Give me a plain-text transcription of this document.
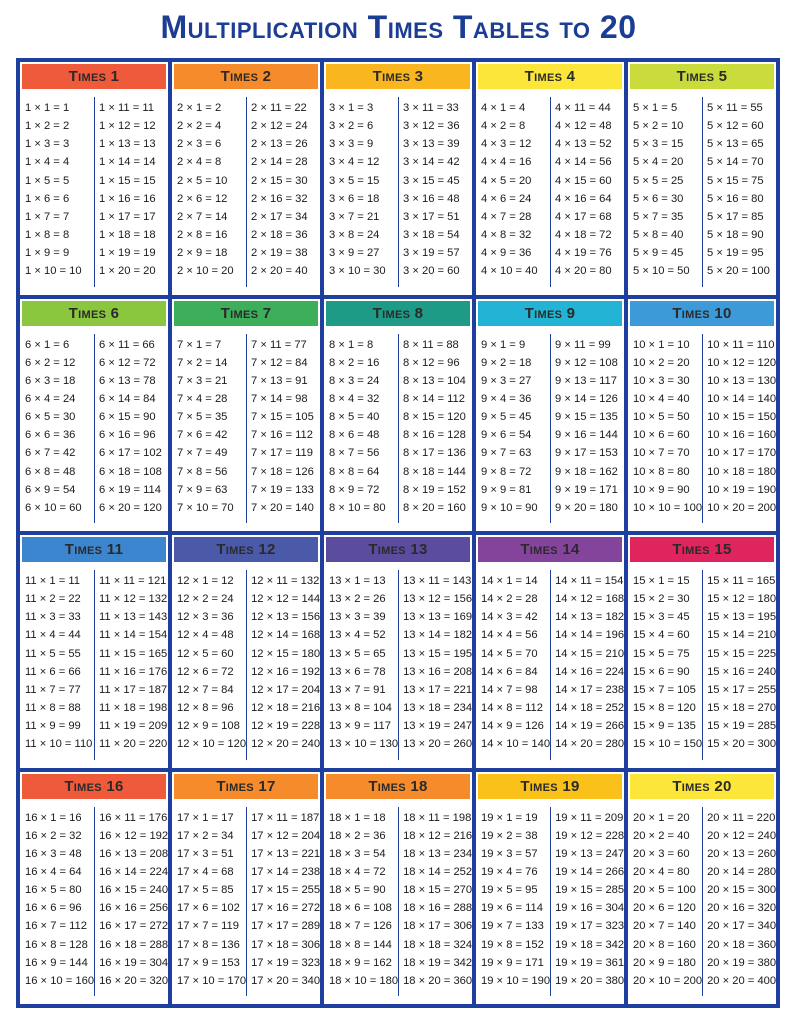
Multiplication Times Tables to 20
Times 1
1 × 1 = 1
1 × 2 = 2
1 × 3 = 3
1 × 4 = 4
1 × 5 = 5
1 × 6 = 6
1 × 7 = 7
1 × 8 = 8
1 × 9 = 9
1 × 10 = 10
1 × 11 = 11
1 × 12 = 12
1 × 13 = 13
1 × 14 = 14
1 × 15 = 15
1 × 16 = 16
1 × 17 = 17
1 × 18 = 18
1 × 19 = 19
1 × 20 = 20
Times 2
2 × 1 = 2
2 × 2 = 4
2 × 3 = 6
2 × 4 = 8
2 × 5 = 10
2 × 6 = 12
2 × 7 = 14
2 × 8 = 16
2 × 9 = 18
2 × 10 = 20
2 × 11 = 22
2 × 12 = 24
2 × 13 = 26
2 × 14 = 28
2 × 15 = 30
2 × 16 = 32
2 × 17 = 34
2 × 18 = 36
2 × 19 = 38
2 × 20 = 40
Times 3
3 × 1 = 3
3 × 2 = 6
3 × 3 = 9
3 × 4 = 12
3 × 5 = 15
3 × 6 = 18
3 × 7 = 21
3 × 8 = 24
3 × 9 = 27
3 × 10 = 30
3 × 11 = 33
3 × 12 = 36
3 × 13 = 39
3 × 14 = 42
3 × 15 = 45
3 × 16 = 48
3 × 17 = 51
3 × 18 = 54
3 × 19 = 57
3 × 20 = 60
Times 4
4 × 1 = 4
4 × 2 = 8
4 × 3 = 12
4 × 4 = 16
4 × 5 = 20
4 × 6 = 24
4 × 7 = 28
4 × 8 = 32
4 × 9 = 36
4 × 10 = 40
4 × 11 = 44
4 × 12 = 48
4 × 13 = 52
4 × 14 = 56
4 × 15 = 60
4 × 16 = 64
4 × 17 = 68
4 × 18 = 72
4 × 19 = 76
4 × 20 = 80
Times 5
5 × 1 = 5
5 × 2 = 10
5 × 3 = 15
5 × 4 = 20
5 × 5 = 25
5 × 6 = 30
5 × 7 = 35
5 × 8 = 40
5 × 9 = 45
5 × 10 = 50
5 × 11 = 55
5 × 12 = 60
5 × 13 = 65
5 × 14 = 70
5 × 15 = 75
5 × 16 = 80
5 × 17 = 85
5 × 18 = 90
5 × 19 = 95
5 × 20 = 100
Times 6
6 × 1 = 6
6 × 2 = 12
6 × 3 = 18
6 × 4 = 24
6 × 5 = 30
6 × 6 = 36
6 × 7 = 42
6 × 8 = 48
6 × 9 = 54
6 × 10 = 60
6 × 11 = 66
6 × 12 = 72
6 × 13 = 78
6 × 14 = 84
6 × 15 = 90
6 × 16 = 96
6 × 17 = 102
6 × 18 = 108
6 × 19 = 114
6 × 20 = 120
Times 7
7 × 1 = 7
7 × 2 = 14
7 × 3 = 21
7 × 4 = 28
7 × 5 = 35
7 × 6 = 42
7 × 7 = 49
7 × 8 = 56
7 × 9 = 63
7 × 10 = 70
7 × 11 = 77
7 × 12 = 84
7 × 13 = 91
7 × 14 = 98
7 × 15 = 105
7 × 16 = 112
7 × 17 = 119
7 × 18 = 126
7 × 19 = 133
7 × 20 = 140
Times 8
8 × 1 = 8
8 × 2 = 16
8 × 3 = 24
8 × 4 = 32
8 × 5 = 40
8 × 6 = 48
8 × 7 = 56
8 × 8 = 64
8 × 9 = 72
8 × 10 = 80
8 × 11 = 88
8 × 12 = 96
8 × 13 = 104
8 × 14 = 112
8 × 15 = 120
8 × 16 = 128
8 × 17 = 136
8 × 18 = 144
8 × 19 = 152
8 × 20 = 160
Times 9
9 × 1 = 9
9 × 2 = 18
9 × 3 = 27
9 × 4 = 36
9 × 5 = 45
9 × 6 = 54
9 × 7 = 63
9 × 8 = 72
9 × 9 = 81
9 × 10 = 90
9 × 11 = 99
9 × 12 = 108
9 × 13 = 117
9 × 14 = 126
9 × 15 = 135
9 × 16 = 144
9 × 17 = 153
9 × 18 = 162
9 × 19 = 171
9 × 20 = 180
Times 10
10 × 1 = 10
10 × 2 = 20
10 × 3 = 30
10 × 4 = 40
10 × 5 = 50
10 × 6 = 60
10 × 7 = 70
10 × 8 = 80
10 × 9 = 90
10 × 10 = 100
10 × 11 = 110
10 × 12 = 120
10 × 13 = 130
10 × 14 = 140
10 × 15 = 150
10 × 16 = 160
10 × 17 = 170
10 × 18 = 180
10 × 19 = 190
10 × 20 = 200
Times 11
11 × 1 = 11
11 × 2 = 22
11 × 3 = 33
11 × 4 = 44
11 × 5 = 55
11 × 6 = 66
11 × 7 = 77
11 × 8 = 88
11 × 9 = 99
11 × 10 = 110
11 × 11 = 121
11 × 12 = 132
11 × 13 = 143
11 × 14 = 154
11 × 15 = 165
11 × 16 = 176
11 × 17 = 187
11 × 18 = 198
11 × 19 = 209
11 × 20 = 220
Times 12
12 × 1 = 12
12 × 2 = 24
12 × 3 = 36
12 × 4 = 48
12 × 5 = 60
12 × 6 = 72
12 × 7 = 84
12 × 8 = 96
12 × 9 = 108
12 × 10 = 120
12 × 11 = 132
12 × 12 = 144
12 × 13 = 156
12 × 14 = 168
12 × 15 = 180
12 × 16 = 192
12 × 17 = 204
12 × 18 = 216
12 × 19 = 228
12 × 20 = 240
Times 13
13 × 1 = 13
13 × 2 = 26
13 × 3 = 39
13 × 4 = 52
13 × 5 = 65
13 × 6 = 78
13 × 7 = 91
13 × 8 = 104
13 × 9 = 117
13 × 10 = 130
13 × 11 = 143
13 × 12 = 156
13 × 13 = 169
13 × 14 = 182
13 × 15 = 195
13 × 16 = 208
13 × 17 = 221
13 × 18 = 234
13 × 19 = 247
13 × 20 = 260
Times 14
14 × 1 = 14
14 × 2 = 28
14 × 3 = 42
14 × 4 = 56
14 × 5 = 70
14 × 6 = 84
14 × 7 = 98
14 × 8 = 112
14 × 9 = 126
14 × 10 = 140
14 × 11 = 154
14 × 12 = 168
14 × 13 = 182
14 × 14 = 196
14 × 15 = 210
14 × 16 = 224
14 × 17 = 238
14 × 18 = 252
14 × 19 = 266
14 × 20 = 280
Times 15
15 × 1 = 15
15 × 2 = 30
15 × 3 = 45
15 × 4 = 60
15 × 5 = 75
15 × 6 = 90
15 × 7 = 105
15 × 8 = 120
15 × 9 = 135
15 × 10 = 150
15 × 11 = 165
15 × 12 = 180
15 × 13 = 195
15 × 14 = 210
15 × 15 = 225
15 × 16 = 240
15 × 17 = 255
15 × 18 = 270
15 × 19 = 285
15 × 20 = 300
Times 16
16 × 1 = 16
16 × 2 = 32
16 × 3 = 48
16 × 4 = 64
16 × 5 = 80
16 × 6 = 96
16 × 7 = 112
16 × 8 = 128
16 × 9 = 144
16 × 10 = 160
16 × 11 = 176
16 × 12 = 192
16 × 13 = 208
16 × 14 = 224
16 × 15 = 240
16 × 16 = 256
16 × 17 = 272
16 × 18 = 288
16 × 19 = 304
16 × 20 = 320
Times 17
17 × 1 = 17
17 × 2 = 34
17 × 3 = 51
17 × 4 = 68
17 × 5 = 85
17 × 6 = 102
17 × 7 = 119
17 × 8 = 136
17 × 9 = 153
17 × 10 = 170
17 × 11 = 187
17 × 12 = 204
17 × 13 = 221
17 × 14 = 238
17 × 15 = 255
17 × 16 = 272
17 × 17 = 289
17 × 18 = 306
17 × 19 = 323
17 × 20 = 340
Times 18
18 × 1 = 18
18 × 2 = 36
18 × 3 = 54
18 × 4 = 72
18 × 5 = 90
18 × 6 = 108
18 × 7 = 126
18 × 8 = 144
18 × 9 = 162
18 × 10 = 180
18 × 11 = 198
18 × 12 = 216
18 × 13 = 234
18 × 14 = 252
18 × 15 = 270
18 × 16 = 288
18 × 17 = 306
18 × 18 = 324
18 × 19 = 342
18 × 20 = 360
Times 19
19 × 1 = 19
19 × 2 = 38
19 × 3 = 57
19 × 4 = 76
19 × 5 = 95
19 × 6 = 114
19 × 7 = 133
19 × 8 = 152
19 × 9 = 171
19 × 10 = 190
19 × 11 = 209
19 × 12 = 228
19 × 13 = 247
19 × 14 = 266
19 × 15 = 285
19 × 16 = 304
19 × 17 = 323
19 × 18 = 342
19 × 19 = 361
19 × 20 = 380
Times 20
20 × 1 = 20
20 × 2 = 40
20 × 3 = 60
20 × 4 = 80
20 × 5 = 100
20 × 6 = 120
20 × 7 = 140
20 × 8 = 160
20 × 9 = 180
20 × 10 = 200
20 × 11 = 220
20 × 12 = 240
20 × 13 = 260
20 × 14 = 280
20 × 15 = 300
20 × 16 = 320
20 × 17 = 340
20 × 18 = 360
20 × 19 = 380
20 × 20 = 400
